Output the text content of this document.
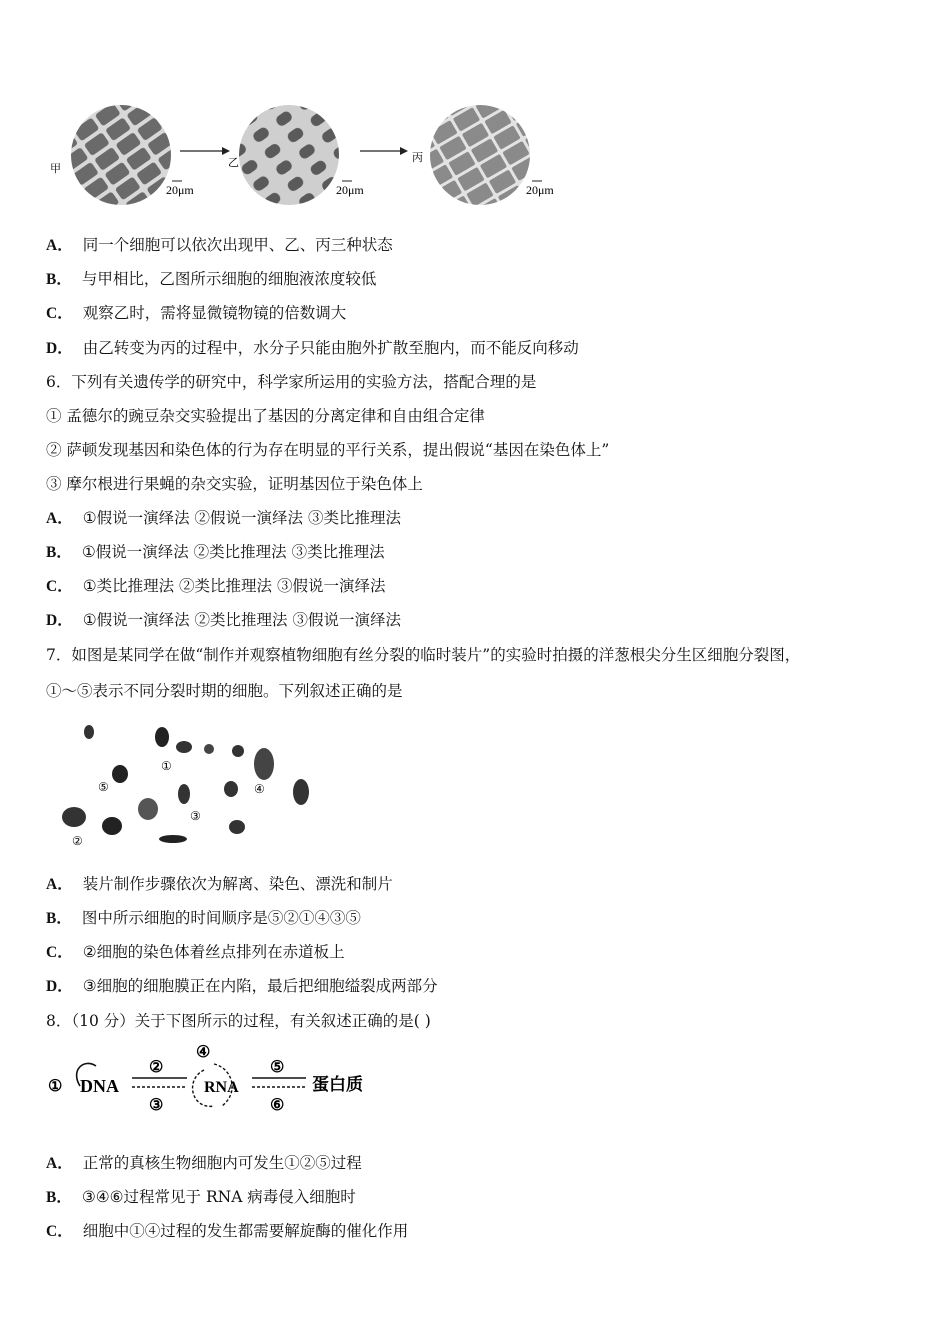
甲
20μm
乙
20μm
丙
20μm
A． 同一个细胞可以依次出现甲、乙、丙三种状态
B． 与甲相比，乙图所示细胞的细胞液浓度较低
C． 观察乙时，需将显微镜物镜的倍数调大
D． 由乙转变为丙的过程中，水分子只能由胞外扩散至胞内，而不能反向移动
6．下列有关遗传学的研究中，科学家所运用的实验方法，搭配合理的是
① 孟德尔的豌豆杂交实验提出了基因的分离定律和自由组合定律
② 萨顿发现基因和染色体的行为存在明显的平行关系，提出假说“基因在染色体上”
③ 摩尔根进行果蝇的杂交实验，证明基因位于染色体上
A． ①假说一演绎法 ②假说一演绎法 ③类比推理法
B． ①假说一演绎法 ②类比推理法 ③类比推理法
C． ①类比推理法 ②类比推理法 ③假说一演绎法
D． ①假说一演绎法 ②类比推理法 ③假说一演绎法
7．如图是某同学在做“制作并观察植物细胞有丝分裂的临时装片”的实验时拍摄的洋葱根尖分生区细胞分裂图，
①～⑤表示不同分裂时期的细胞。下列叙述正确的是
①
②
③
④
⑤
A． 装片制作步骤依次为解离、染色、漂洗和制片
B． 图中所示细胞的时间顺序是⑤②①④③⑤
C． ②细胞的染色体着丝点排列在赤道板上
D． ③细胞的细胞膜正在内陷，最后把细胞缢裂成两部分
8．（10 分）关于下图所示的过程，有关叙述正确的是( )
① DNA
②
③
④
RNA
⑤
⑥
蛋白质
A． 正常的真核生物细胞内可发生①②⑤过程
B． ③④⑥过程常见于 RNA 病毒侵入细胞时
C． 细胞中①④过程的发生都需要解旋酶的催化作用
